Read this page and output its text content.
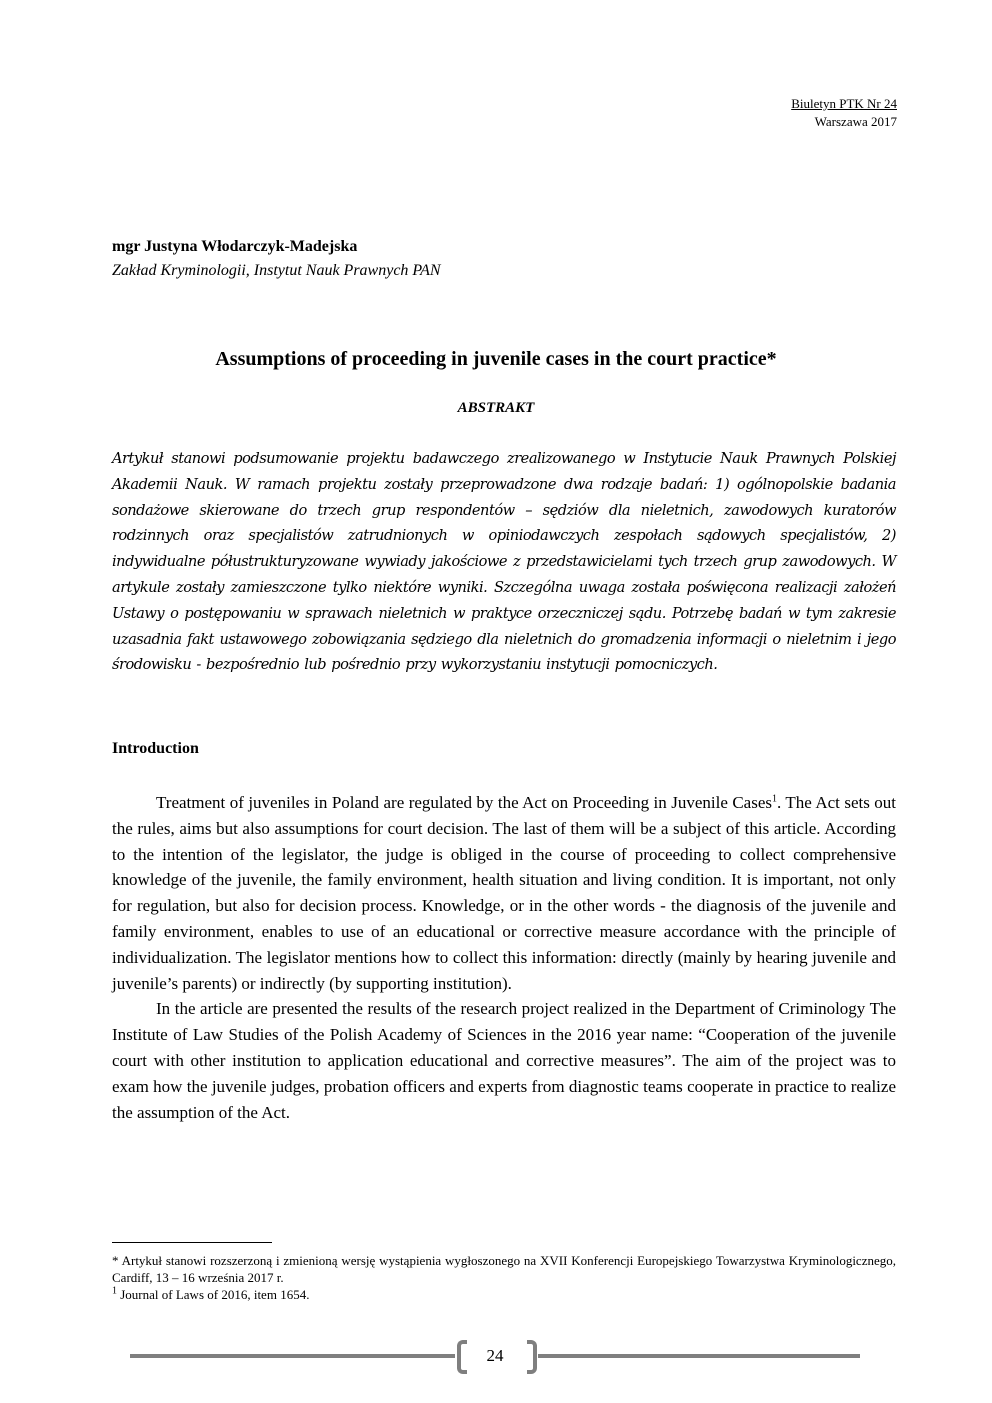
Biuletyn PTK Nr 24
Warszawa 2017
mgr Justyna Włodarczyk-Madejska
Zakład Kryminologii, Instytut Nauk Prawnych PAN
Assumptions of proceeding in juvenile cases in the court practice*
ABSTRAKT
Artykuł stanowi podsumowanie projektu badawczego zrealizowanego w Instytucie Nauk Prawnych Polskiej Akademii Nauk. W ramach projektu zostały przeprowadzone dwa rodzaje badań: 1) ogólnopolskie badania sondażowe skierowane do trzech grup respondentów – sędziów dla nieletnich, zawodowych kuratorów rodzinnych oraz specjalistów zatrudnionych w opiniodawczych zespołach sądowych specjalistów, 2) indywidualne półustrukturyzowane wywiady jakościowe z przedstawicielami tych trzech grup zawodowych. W artykule zostały zamieszczone tylko niektóre wyniki. Szczególna uwaga została poświęcona realizacji założeń Ustawy o postępowaniu w sprawach nieletnich w praktyce orzeczniczej sądu. Potrzebę badań w tym zakresie uzasadnia fakt ustawowego zobowiązania sędziego dla nieletnich do gromadzenia informacji o nieletnim i jego środowisku - bezpośrednio lub pośrednio przy wykorzystaniu instytucji pomocniczych.
Introduction

Treatment of juveniles in Poland are regulated by the Act on Proceeding in Juvenile Cases$^1$. The Act sets out the rules, aims but also assumptions for court decision. The last of them will be a subject of this article. According to the intention of the legislator, the judge is obliged in the course of proceeding to collect comprehensive knowledge of the juvenile, the family environment, health situation and living condition. It is important, not only for regulation, but also for decision process. Knowledge, or in the other words - the diagnosis of the juvenile and family environment, enables to use of an educational or corrective measure accordance with the principle of individualization. The legislator mentions how to collect this information: directly (mainly by hearing juvenile and juvenile’s parents) or indirectly (by supporting institution).

In the article are presented the results of the research project realized in the Department of Criminology The Institute of Law Studies of the Polish Academy of Sciences in the 2016 year name: “Cooperation of the juvenile court with other institution to application educational and corrective measures”. The aim of the project was to exam how the juvenile judges, probation officers and experts from diagnostic teams cooperate in practice to realize the assumption of the Act.

* Artykuł stanowi rozszerzoną i zmienioną wersję wystąpienia wygłoszonego na XVII Konferencji Europejskiego Towarzystwa Kryminologicznego, Cardiff, 13 – 16 września 2017 r.

$^1$ Journal of Laws of 2016, item 1654.

24
